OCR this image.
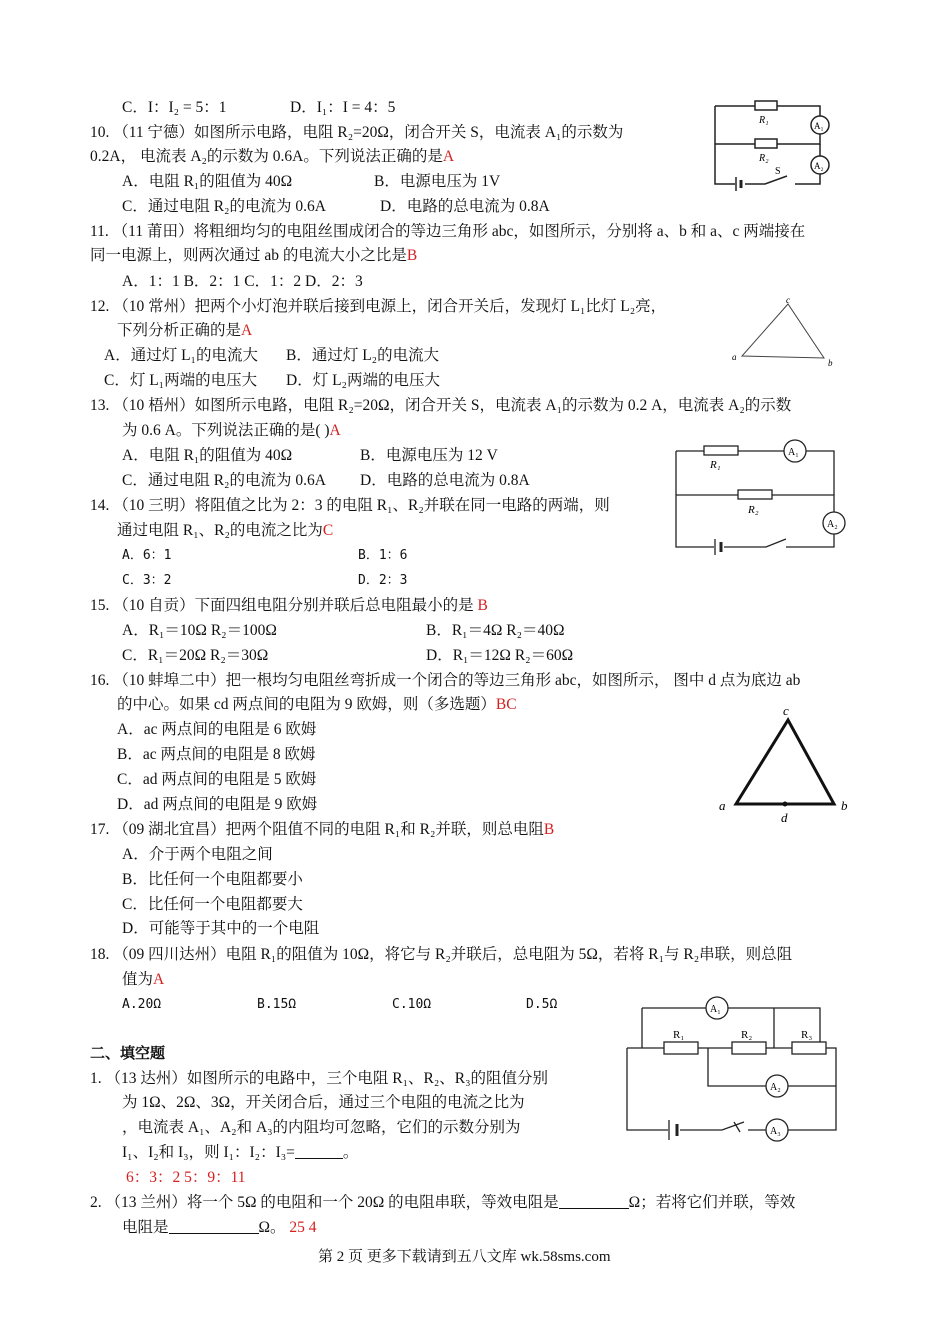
C．I：I₂ = 5：1	D．I₁：I = 4：5
10. （11 宁德）如图所示电路，电阻 R₂=20Ω，闭合开关 S，电流表 A₁的示数为
0.2A， 电流表 A₂的示数为 0.6A。下列说法正确的是A
A．电阻 R₁的阻值为 40Ω	B．电源电压为 1V
C．通过电阻 R₂的电流为 0.6A	D．电路的总电流为 0.8A
R₁
R₂
A₁
A₂
S
11. （11 莆田）将粗细均匀的电阻丝围成闭合的等边三角形 abc，如图所示，分别将 a、b 和 a、c 两端接在
同一电源上，则两次通过 ab 的电流大小之比是B
A．1：1 B．2：1 C．1：2 D．2：3
c
a
b
12. （10 常州）把两个小灯泡并联后接到电源上，闭合开关后，发现灯 L₁比灯 L₂亮，
下列分析正确的是A
A．通过灯 L₁的电流大 B．通过灯 L₂的电流大
C．灯 L₁两端的电压大 D．灯 L₂两端的电压大
13. （10 梧州）如图所示电路，电阻 R₂=20Ω，闭合开关 S，电流表 A₁的示数为 0.2 A，电流表 A₂的示数
为 0.6 A。下列说法正确的是( )A
A．电阻 R₁的阻值为 40Ω	B．电源电压为 12 V
C．通过电阻 R₂的电流为 0.6A D．电路的总电流为 0.8A
R₁
R₂
A₁
A₂
14. （10 三明）将阻值之比为 2：3 的电阻 R₁、R₂并联在同一电路的两端，则
通过电阻 R₁、R₂的电流之比为C
A．6：1	B．1：6
C．3：2	D．2：3
15. （10 自贡）下面四组电阻分别并联后总电阻最小的是 B
A．R₁＝10Ω R₂＝100Ω	B．R₁＝4Ω R₂＝40Ω
C．R₁＝20Ω R₂＝30Ω	D．R₁＝12Ω R₂＝60Ω
16. （10 蚌埠二中）把一根均匀电阻丝弯折成一个闭合的等边三角形 abc，如图所示， 图中 d 点为底边 ab
的中心。如果 cd 两点间的电阻为 9 欧姆，则（多选题）BC
A．ac 两点间的电阻是 6 欧姆
B．ac 两点间的电阻是 8 欧姆
C．ad 两点间的电阻是 5 欧姆
D．ad 两点间的电阻是 9 欧姆
c
a	b
d
17. （09 湖北宜昌）把两个阻值不同的电阻 R₁和 R₂并联，则总电阻B
A．介于两个电阻之间
B．比任何一个电阻都要小
C．比任何一个电阻都要大
D．可能等于其中的一个电阻
18. （09 四川达州）电阻 R₁的阻值为 10Ω，将它与 R₂并联后，总电阻为 5Ω，若将 R₁与 R₂串联，则总阻
值为A
A.20Ω	B.15Ω	C.10Ω	D.5Ω
二、填空题
1. （13 达州）如图所示的电路中，三个电阻 R₁、R₂、R₃的阻值分别
为 1Ω、2Ω、3Ω，开关闭合后，通过三个电阻的电流之比为
，电流表 A₁、A₂和 A₃的内阻均可忽略，它们的示数分别为
I₁、I₂和 I₃，则 I₁：I₂：I₃=	。
6：3：2 5：9：11
R₁	R₂	R₃
A₁
A₂
A₃
2. （13 兰州）将一个 5Ω 的电阻和一个 20Ω 的电阻串联，等效电阻是	Ω；若将它们并联，等效
电阻是	Ω。 25 4
第 2 页 更多下载请到五八文库 wk.58sms.com
